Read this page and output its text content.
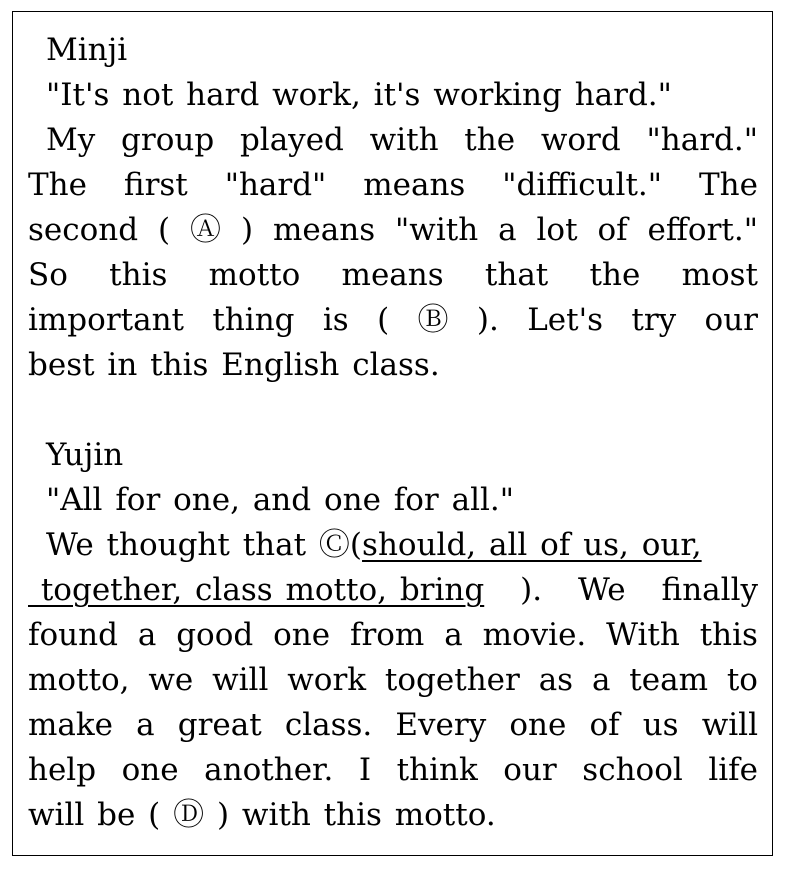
Minji
"It's not hard work, it's working hard."
My group played with the word "hard."
The first "hard" means "difficult." The
second ( Ⓐ ) means "with a lot of effort."
So this motto means that the most
important thing is ( Ⓑ ). Let's try our
best in this English class.
Yujin
"All for one, and one for all."
We thought that Ⓒ(should, all of us, our,
together, class motto, bring ). We finally
found a good one from a movie. With this
motto, we will work together as a team to
make a great class. Every one of us will
help one another. I think our school life
will be ( Ⓓ ) with this motto.
